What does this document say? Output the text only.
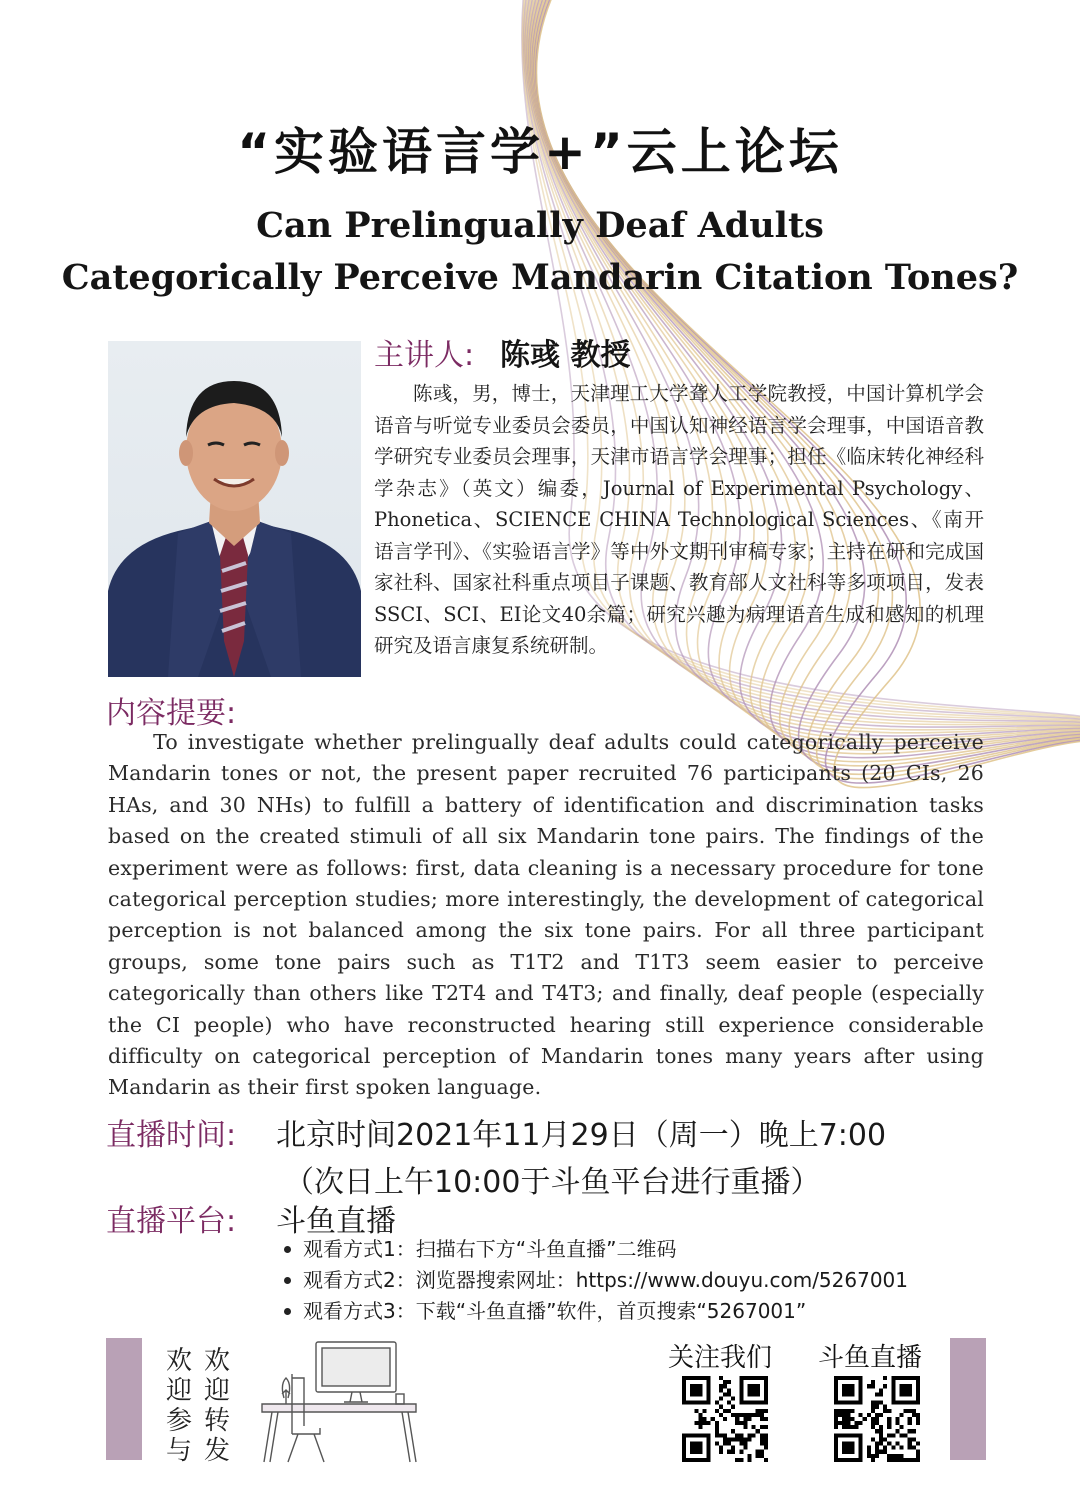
“实验语言学+”云上论坛
Can Prelingually Deaf Adults
Categorically Perceive Mandarin Citation Tones?
主讲人: 陈彧 教授
陈彧，男，博士，天津理工大学聋人工学院教授，中国计算机学会语音与听觉专业委员会委员，中国认知神经语言学会理事，中国语音教学研究专业委员会理事，天津市语言学会理事；担任《临床转化神经科学杂志》（英文）编委，Journal of Experimental Psychology、Phonetica、SCIENCE CHINA Technological Sciences、《南开语言学刊》、《实验语言学》等中外文期刊审稿专家；主持在研和完成国家社科、国家社科重点项目子课题、教育部人文社科等多项项目，发表SSCI、SCI、EI论文40余篇；研究兴趣为病理语音生成和感知的机理研究及语言康复系统研制。
内容提要:
To investigate whether prelingually deaf adults could categorically perceive Mandarin tones or not, the present paper recruited 76 participants (20 CIs, 26 HAs, and 30 NHs) to fulfill a battery of identification and discrimination tasks based on the created stimuli of all six Mandarin tone pairs. The findings of the experiment were as follows: first, data cleaning is a necessary procedure for tone categorical perception studies; more interestingly, the development of categorical perception is not balanced among the six tone pairs. For all three participant groups, some tone pairs such as T1T2 and T1T3 seem easier to perceive categorically than others like T2T4 and T4T3; and finally, deaf people (especially the CI people) who have reconstructed hearing still experience considerable difficulty on categorical perception of Mandarin tones many years after using Mandarin as their first spoken language.
直播时间: 北京时间2021年11月29日（周一）晚上7:00
（次日上午10:00于斗鱼平台进行重播）
直播平台: 斗鱼直播
观看方式1：扫描右下方“斗鱼直播”二维码
观看方式2：浏览器搜索网址：https://www.douyu.com/5267001
观看方式3：下载“斗鱼直播”软件，首页搜索“5267001”
欢迎转发
欢迎参与
关注我们 斗鱼直播
